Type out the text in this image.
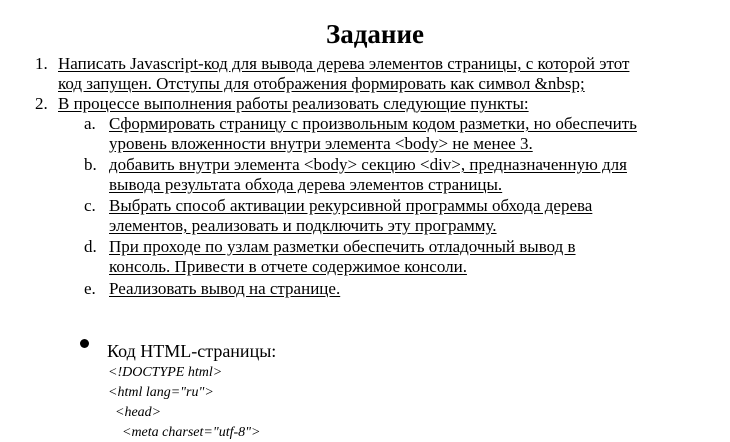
Задание
1. Написать Javascript-код для вывода дерева элементов страницы, с которой этот
код запущен. Отступы для отображения формировать как символ &nbsp;
2. В процессе выполнения работы реализовать следующие пункты:
a. Сформировать страницу с произвольным кодом разметки, но обеспечить
уровень вложенности внутри элемента <body> не менее 3.
b. добавить внутри элемента <body> секцию <div>, предназначенную для
вывода результата обхода дерева элементов страницы.
c. Выбрать способ активации рекурсивной программы обхода дерева
элементов, реализовать и подключить эту программу.
d. При проходе по узлам разметки обеспечить отладочный вывод в
консоль. Привести в отчете содержимое консоли.
e. Реализовать вывод на странице.
Код HTML-страницы:
<!DOCTYPE html>
<html lang="ru">
<head>
<meta charset="utf-8">
